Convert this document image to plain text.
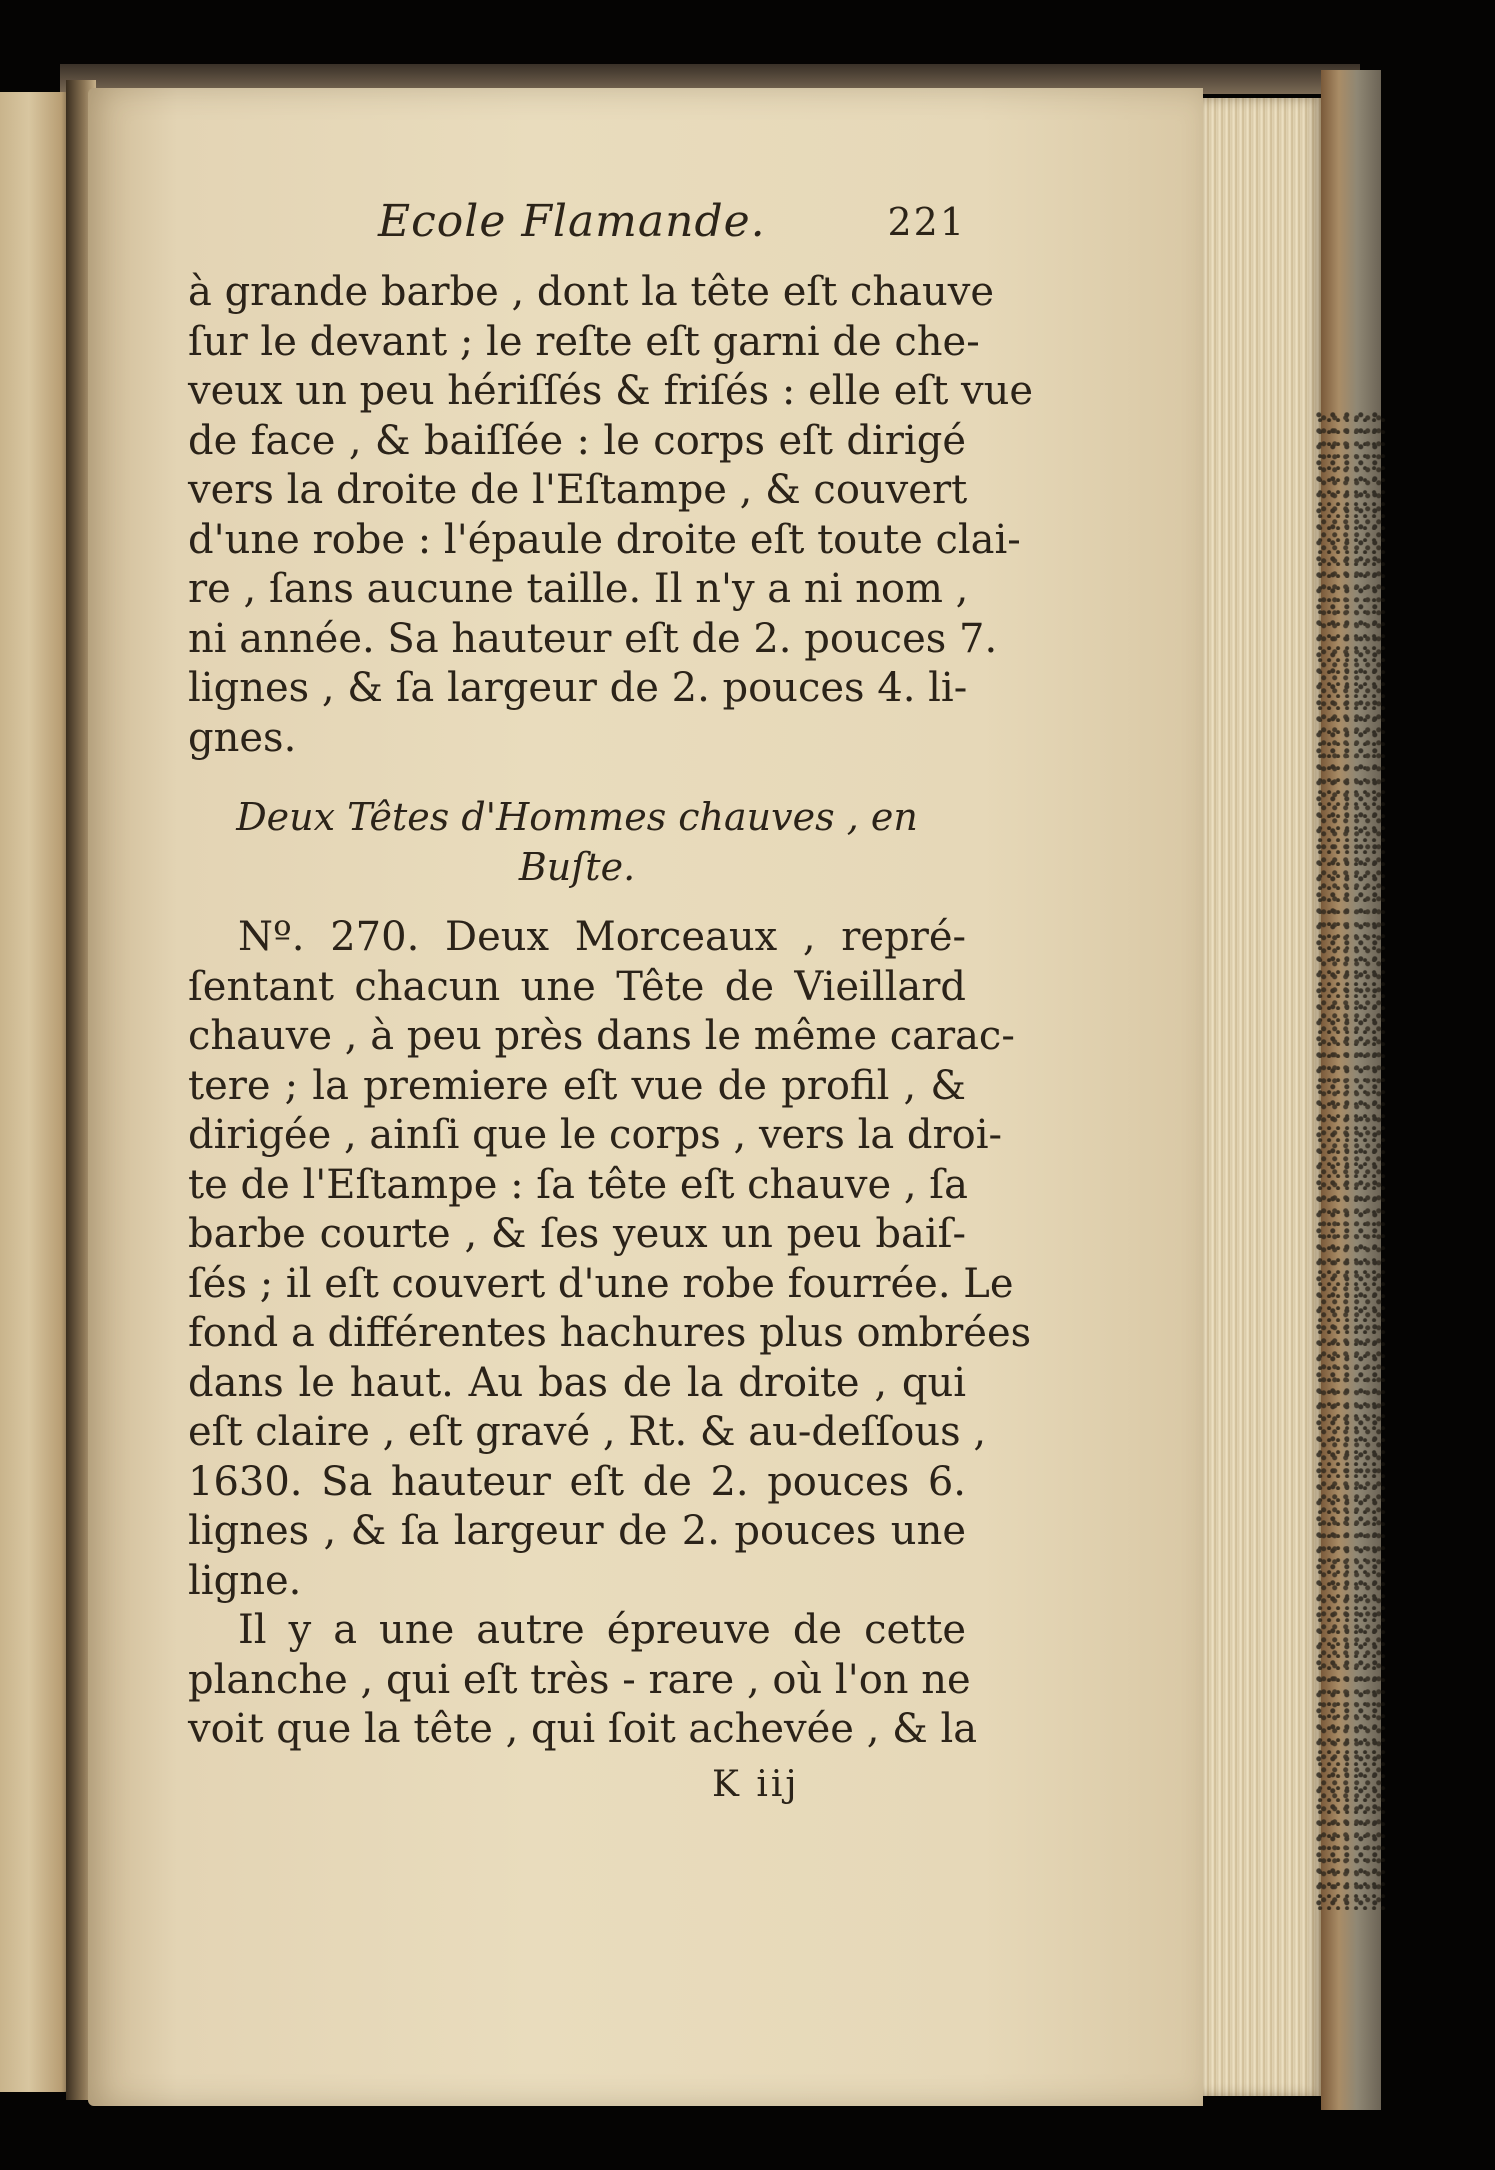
Ecole Flamande.	221
à grande barbe , dont la tête eſt chauve
ſur le devant ; le reſte eſt garni de che-
veux un peu hériſſés & friſés : elle eſt vue
de face , & baiſſée : le corps eſt dirigé
vers la droite de l'Eſtampe , & couvert
d'une robe : l'épaule droite eſt toute clai-
re , ſans aucune taille. Il n'y a ni nom ,
ni année. Sa hauteur eſt de 2. pouces 7.
lignes , & ſa largeur de 2. pouces 4. li-
gnes.
Deux Têtes d'Hommes chauves , en
Buſte.
Nº. 270. Deux Morceaux , repré-
ſentant chacun une Tête de Vieillard
chauve , à peu près dans le même carac-
tere ; la premiere eſt vue de profil , &
dirigée , ainſi que le corps , vers la droi-
te de l'Eſtampe : ſa tête eſt chauve , ſa
barbe courte , & ſes yeux un peu baiſ-
ſés ; il eſt couvert d'une robe fourrée. Le
fond a différentes hachures plus ombrées
dans le haut. Au bas de la droite , qui
eſt claire , eſt gravé , Rt. & au-deſſous ,
1630. Sa hauteur eſt de 2. pouces 6.
lignes , & ſa largeur de 2. pouces une
ligne.
Il y a une autre épreuve de cette
planche , qui eſt très - rare , où l'on ne
voit que la tête , qui ſoit achevée , & la
K iij
